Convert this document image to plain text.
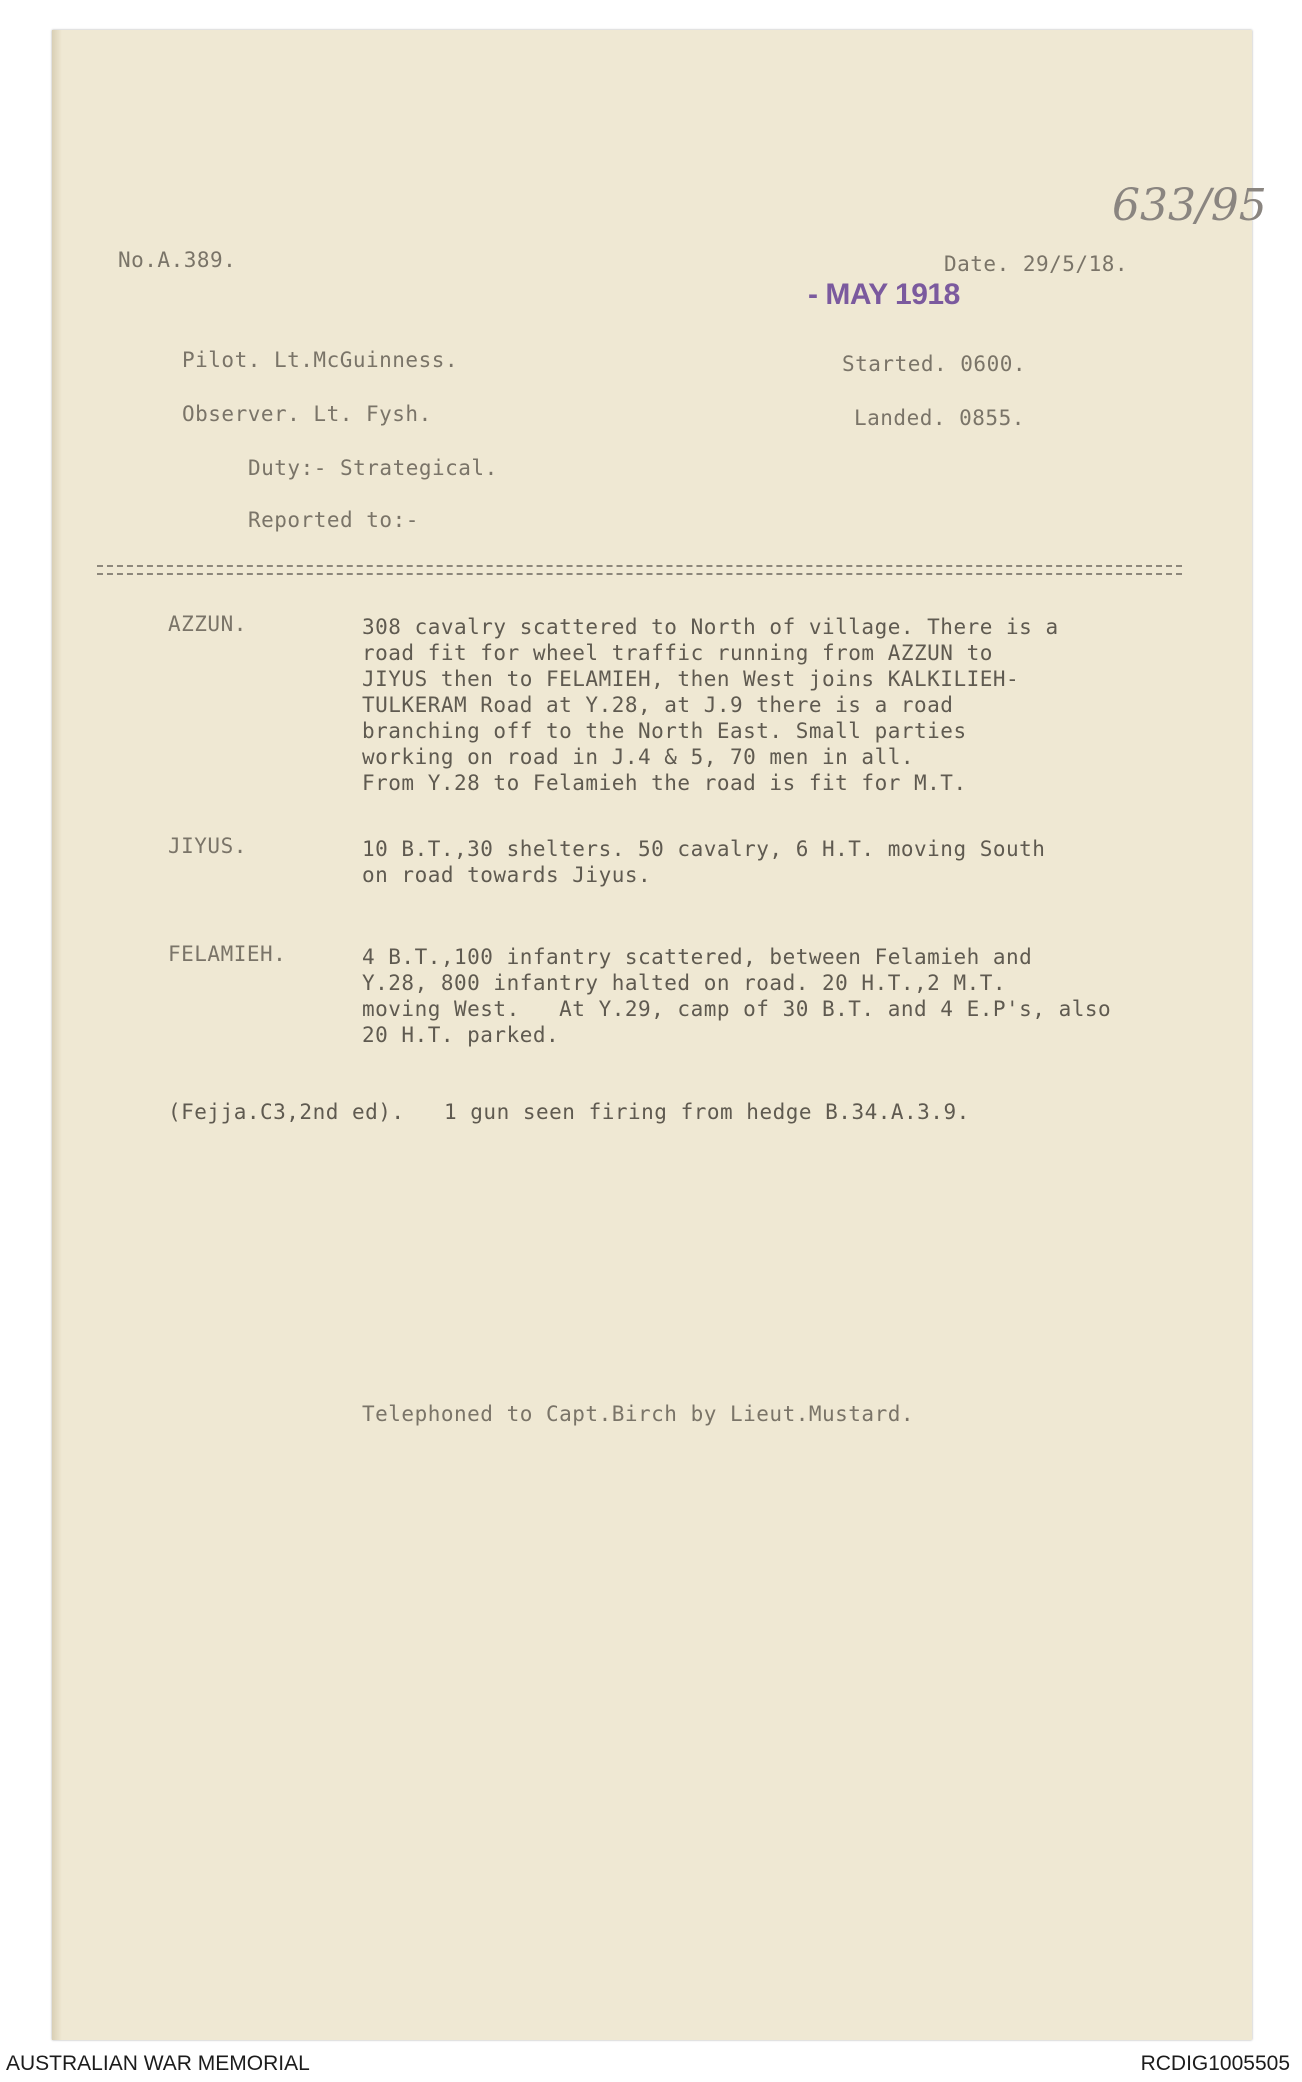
633/95
No.A.389.	Date. 29/5/18.
- MAY 1918
Pilot. Lt.McGuinness.	Started. 0600.
Observer. Lt. Fysh.	Landed. 0855.
Duty:- Strategical.
Reported to:-
AZZUN.	308 cavalry scattered to North of village. There is a
road fit for wheel traffic running from AZZUN to
JIYUS then to FELAMIEH, then West joins KALKILIEH-
TULKERAM Road at Y.28, at J.9 there is a road
branching off to the North East. Small parties
working on road in J.4 & 5, 70 men in all.
From Y.28 to Felamieh the road is fit for M.T.
JIYUS.	10 B.T.,30 shelters. 50 cavalry, 6 H.T. moving South
on road towards Jiyus.
FELAMIEH.	4 B.T.,100 infantry scattered, between Felamieh and
Y.28, 800 infantry halted on road. 20 H.T.,2 M.T.
moving West.   At Y.29, camp of 30 B.T. and 4 E.P's, also
20 H.T. parked.
(Fejja.C3,2nd ed).   1 gun seen firing from hedge B.34.A.3.9.
Telephoned to Capt.Birch by Lieut.Mustard.
AUSTRALIAN WAR MEMORIAL	RCDIG1005505
